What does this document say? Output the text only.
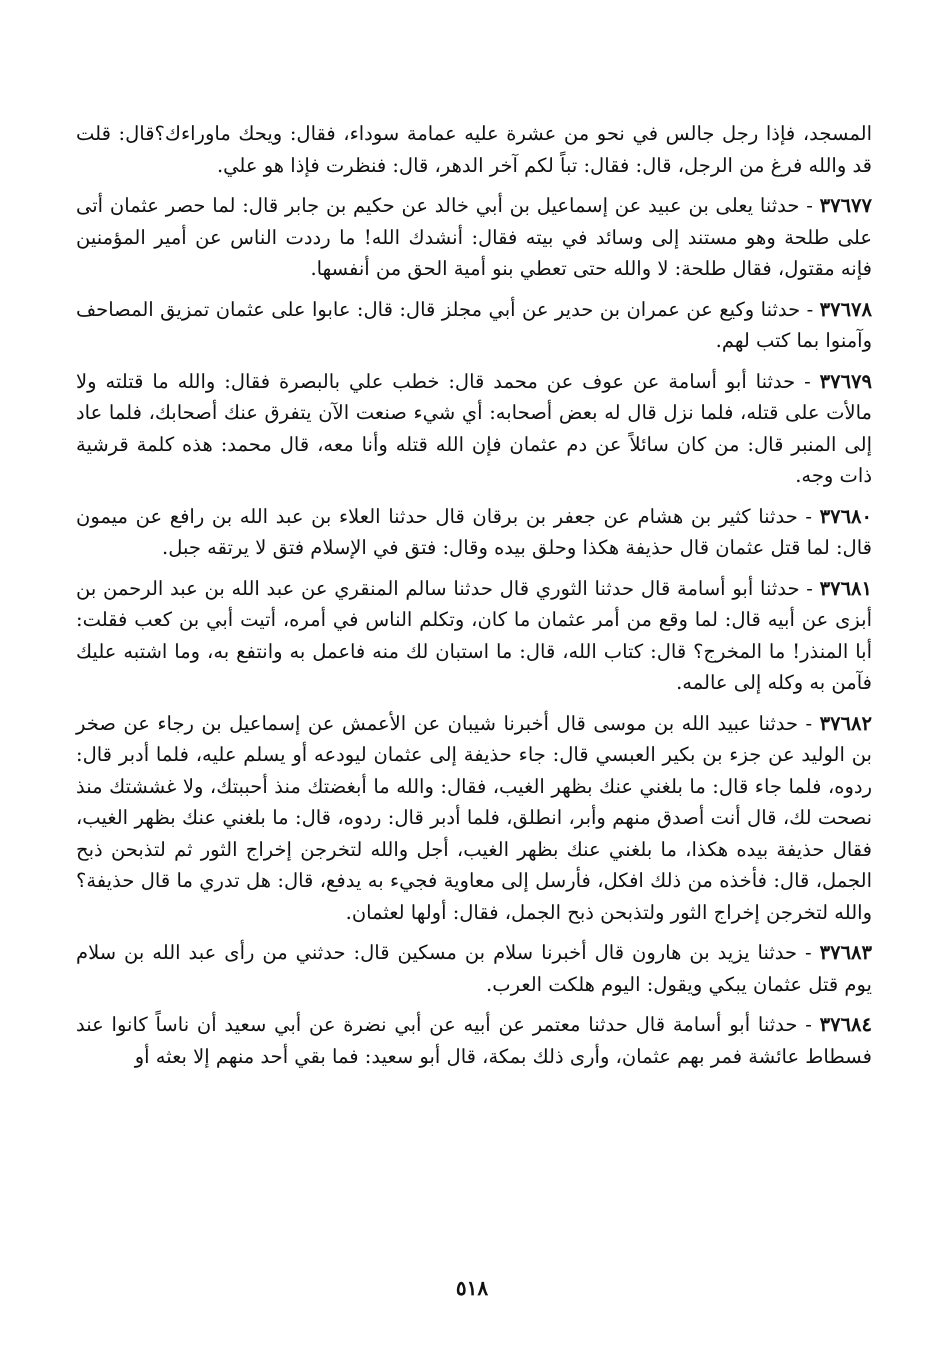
المسجد، فإذا رجل جالس في نحو من عشرة عليه عمامة سوداء، فقال: ويحك ماوراءك؟قال: قلت قد والله فرغ من الرجل، قال: فقال: تباً لكم آخر الدهر، قال: فنظرت فإذا هو علي.

٣٧٦٧٧ - حدثنا يعلى بن عبيد عن إسماعيل بن أبي خالد عن حكيم بن جابر قال: لما حصر عثمان أتى على طلحة وهو مستند إلى وسائد في بيته فقال: أنشدك الله! ما رددت الناس عن أمير المؤمنين فإنه مقتول، فقال طلحة: لا والله حتى تعطي بنو أمية الحق من أنفسها.

٣٧٦٧٨ - حدثنا وكيع عن عمران بن حدير عن أبي مجلز قال: قال: عابوا على عثمان تمزيق المصاحف وآمنوا بما كتب لهم.

٣٧٦٧٩ - حدثنا أبو أسامة عن عوف عن محمد قال: خطب علي بالبصرة فقال: والله ما قتلته ولا مالأت على قتله، فلما نزل قال له بعض أصحابه: أي شيء صنعت الآن يتفرق عنك أصحابك، فلما عاد إلى المنبر قال: من كان سائلاً عن دم عثمان فإن الله قتله وأنا معه، قال محمد: هذه كلمة قرشية ذات وجه.

٣٧٦٨٠ - حدثنا كثير بن هشام عن جعفر بن برقان قال حدثنا العلاء بن عبد الله بن رافع عن ميمون قال: لما قتل عثمان قال حذيفة هكذا وحلق بيده وقال: فتق في الإسلام فتق لا يرتقه جبل.

٣٧٦٨١ - حدثنا أبو أسامة قال حدثنا الثوري قال حدثنا سالم المنقري عن عبد الله بن عبد الرحمن بن أبزى عن أبيه قال: لما وقع من أمر عثمان ما كان، وتكلم الناس في أمره، أتيت أبي بن كعب فقلت: أبا المنذر! ما المخرج؟ قال: كتاب الله، قال: ما استبان لك منه فاعمل به وانتفع به، وما اشتبه عليك فآمن به وكله إلى عالمه.

٣٧٦٨٢ - حدثنا عبيد الله بن موسى قال أخبرنا شيبان عن الأعمش عن إسماعيل بن رجاء عن صخر بن الوليد عن جزء بن بكير العبسي قال: جاء حذيفة إلى عثمان ليودعه أو يسلم عليه، فلما أدبر قال: ردوه، فلما جاء قال: ما بلغني عنك بظهر الغيب، فقال: والله ما أبغضتك منذ أحببتك، ولا غششتك منذ نصحت لك، قال أنت أصدق منهم وأبر، انطلق، فلما أدبر قال: ردوه، قال: ما بلغني عنك بظهر الغيب، فقال حذيفة بيده هكذا، ما بلغني عنك بظهر الغيب، أجل والله لتخرجن إخراج الثور ثم لتذبحن ذبح الجمل، قال: فأخذه من ذلك افكل، فأرسل إلى معاوية فجيء به يدفع، قال: هل تدري ما قال حذيفة؟ والله لتخرجن إخراج الثور ولتذبحن ذبح الجمل، فقال: أولها لعثمان.

٣٧٦٨٣ - حدثنا يزيد بن هارون قال أخبرنا سلام بن مسكين قال: حدثني من رأى عبد الله بن سلام يوم قتل عثمان يبكي ويقول: اليوم هلكت العرب.

٣٧٦٨٤ - حدثنا أبو أسامة قال حدثنا معتمر عن أبيه عن أبي نضرة عن أبي سعيد أن ناساً كانوا عند فسطاط عائشة فمر بهم عثمان، وأرى ذلك بمكة، قال أبو سعيد: فما بقي أحد منهم إلا بعثه أو

٥١٨
